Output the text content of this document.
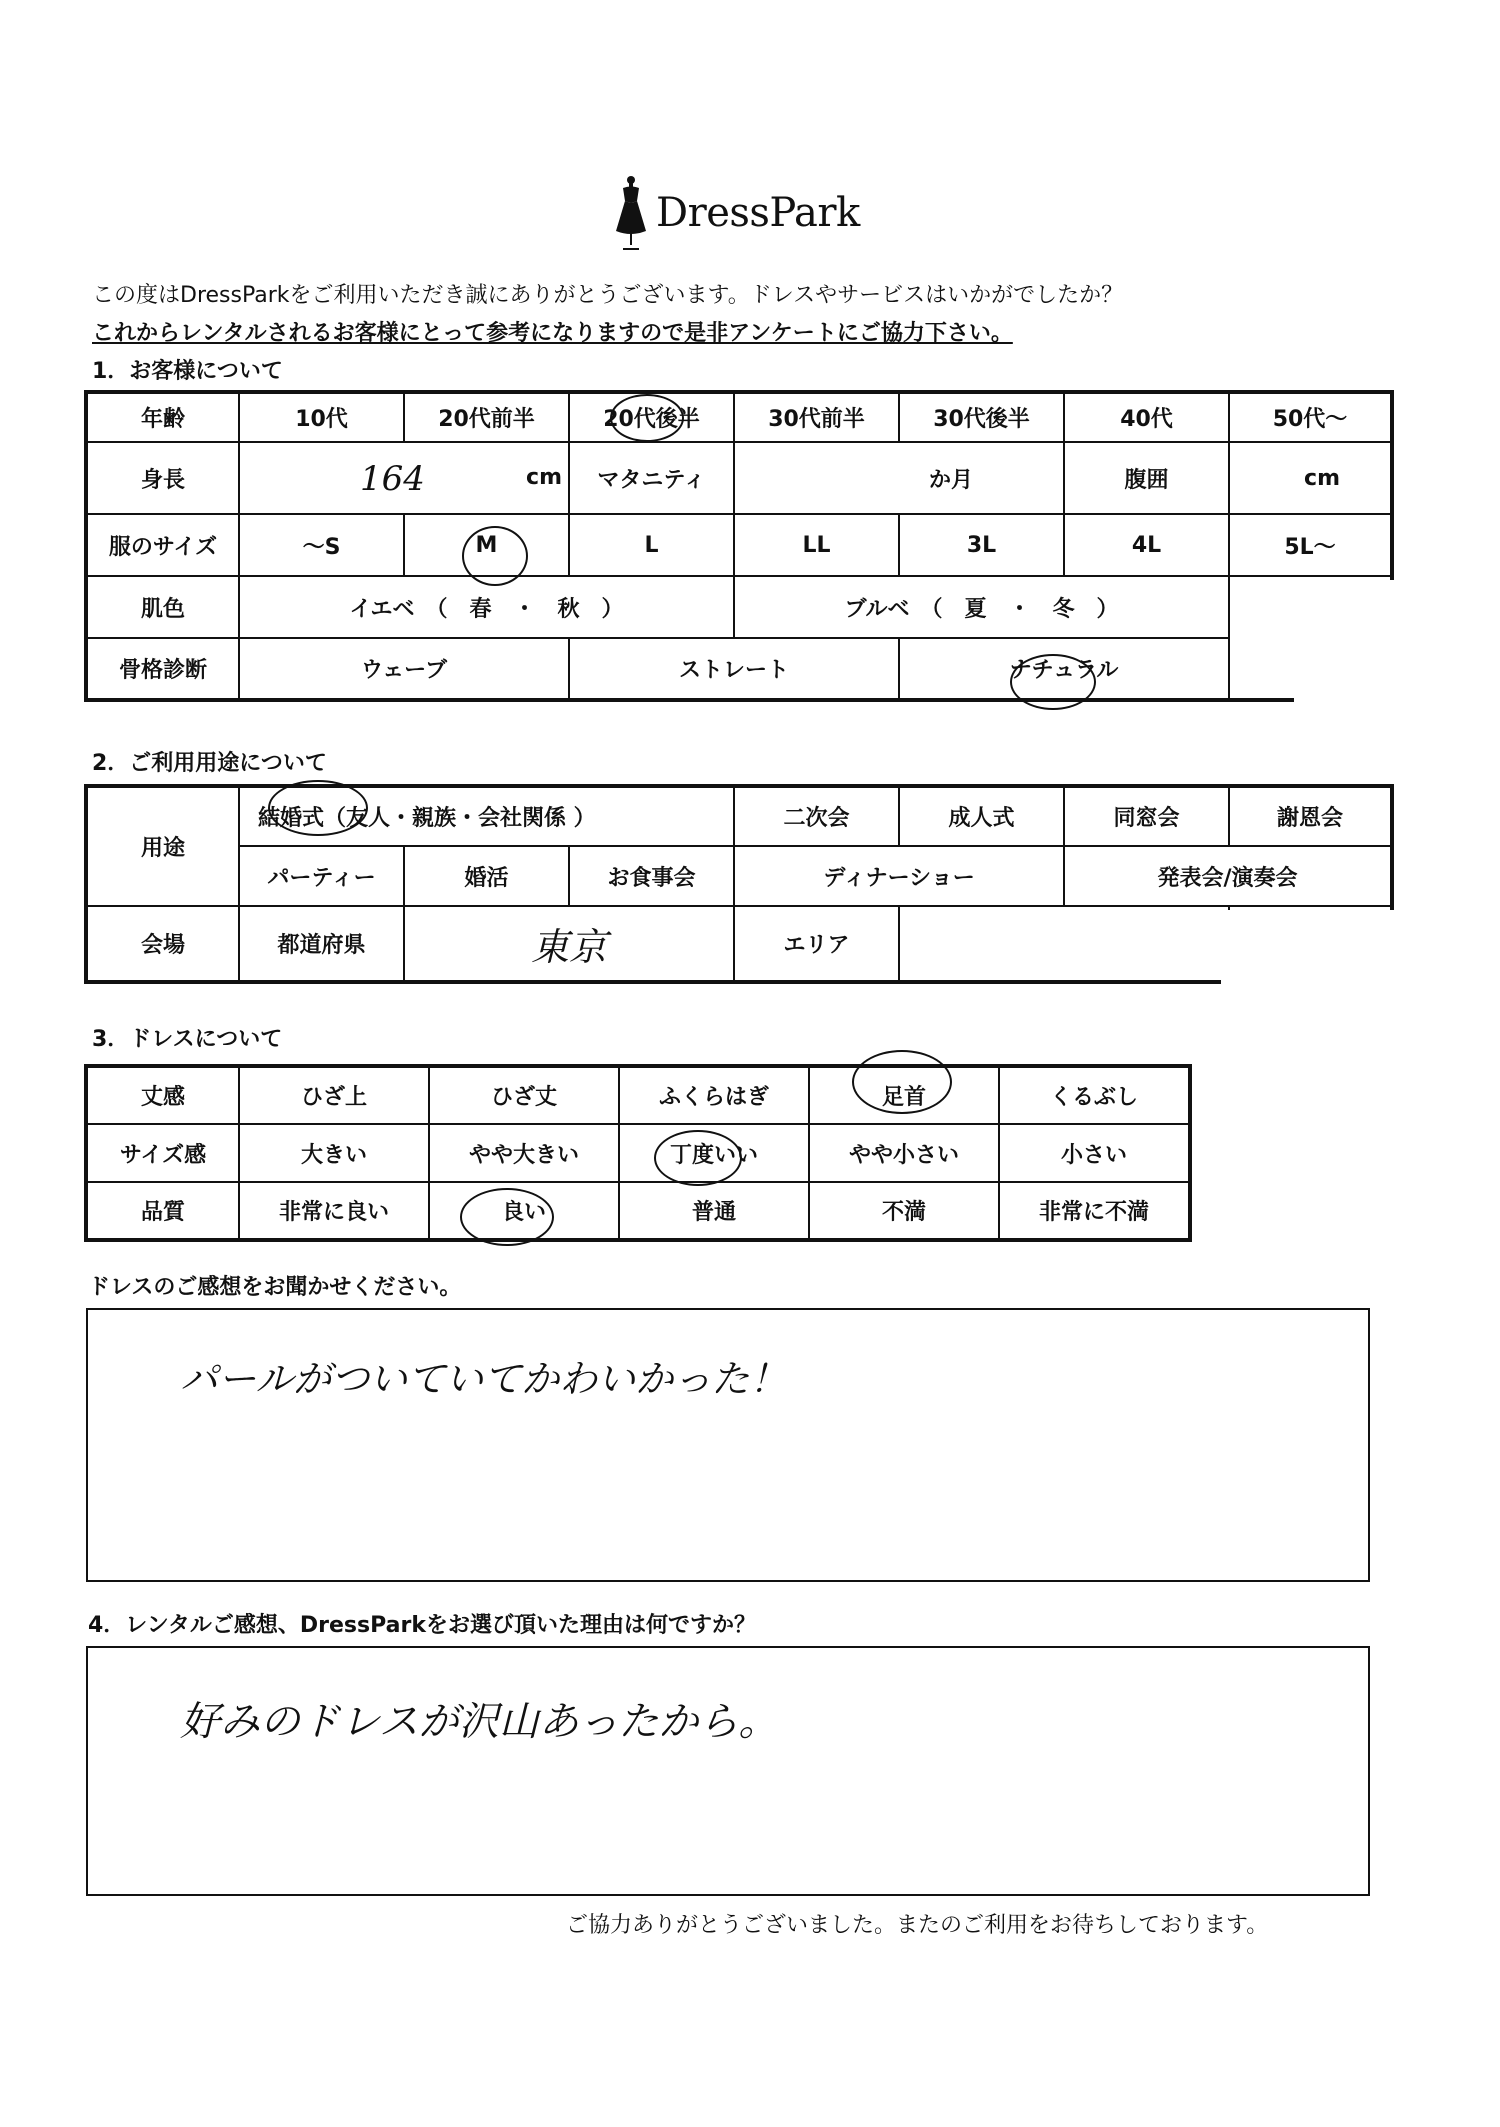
DressPark
この度はDressParkをご利用いただき誠にありがとうございます。ドレスやサービスはいかがでしたか？
これからレンタルされるお客様にとって参考になりますので是非アンケートにご協力下さい。
1．お客様について
年齢	10代	20代前半	20代後半	30代前半	30代後半	40代	50代～
身長	164 cm		マタニティ	か月		腹囲	cm
服のサイズ	～S	M	L	LL	3L	4L	5L～
肌色	イエベ　（　春　・　秋　）			ブルベ　（　夏　・　冬　）			
骨格診断	ウェーブ		ストレート		ナチュラル		
2．ご利用用途について
用途	結婚式（友人・親族・会社関係 ）			二次会	成人式	同窓会	謝恩会
	パーティー	婚活	お食事会	ディナーショー		発表会/演奏会	
会場	都道府県	東京		エリア			
3．ドレスについて
丈感	ひざ上	ひざ丈	ふくらはぎ	足首	くるぶし
サイズ感	大きい	やや大きい	丁度いい	やや小さい	小さい
品質	非常に良い	良い	普通	不満	非常に不満
ドレスのご感想をお聞かせください。
パールがついていてかわいかった！
4．レンタルご感想、DressParkをお選び頂いた理由は何ですか？
好みのドレスが沢山あったから。
ご協力ありがとうございました。またのご利用をお待ちしております。
